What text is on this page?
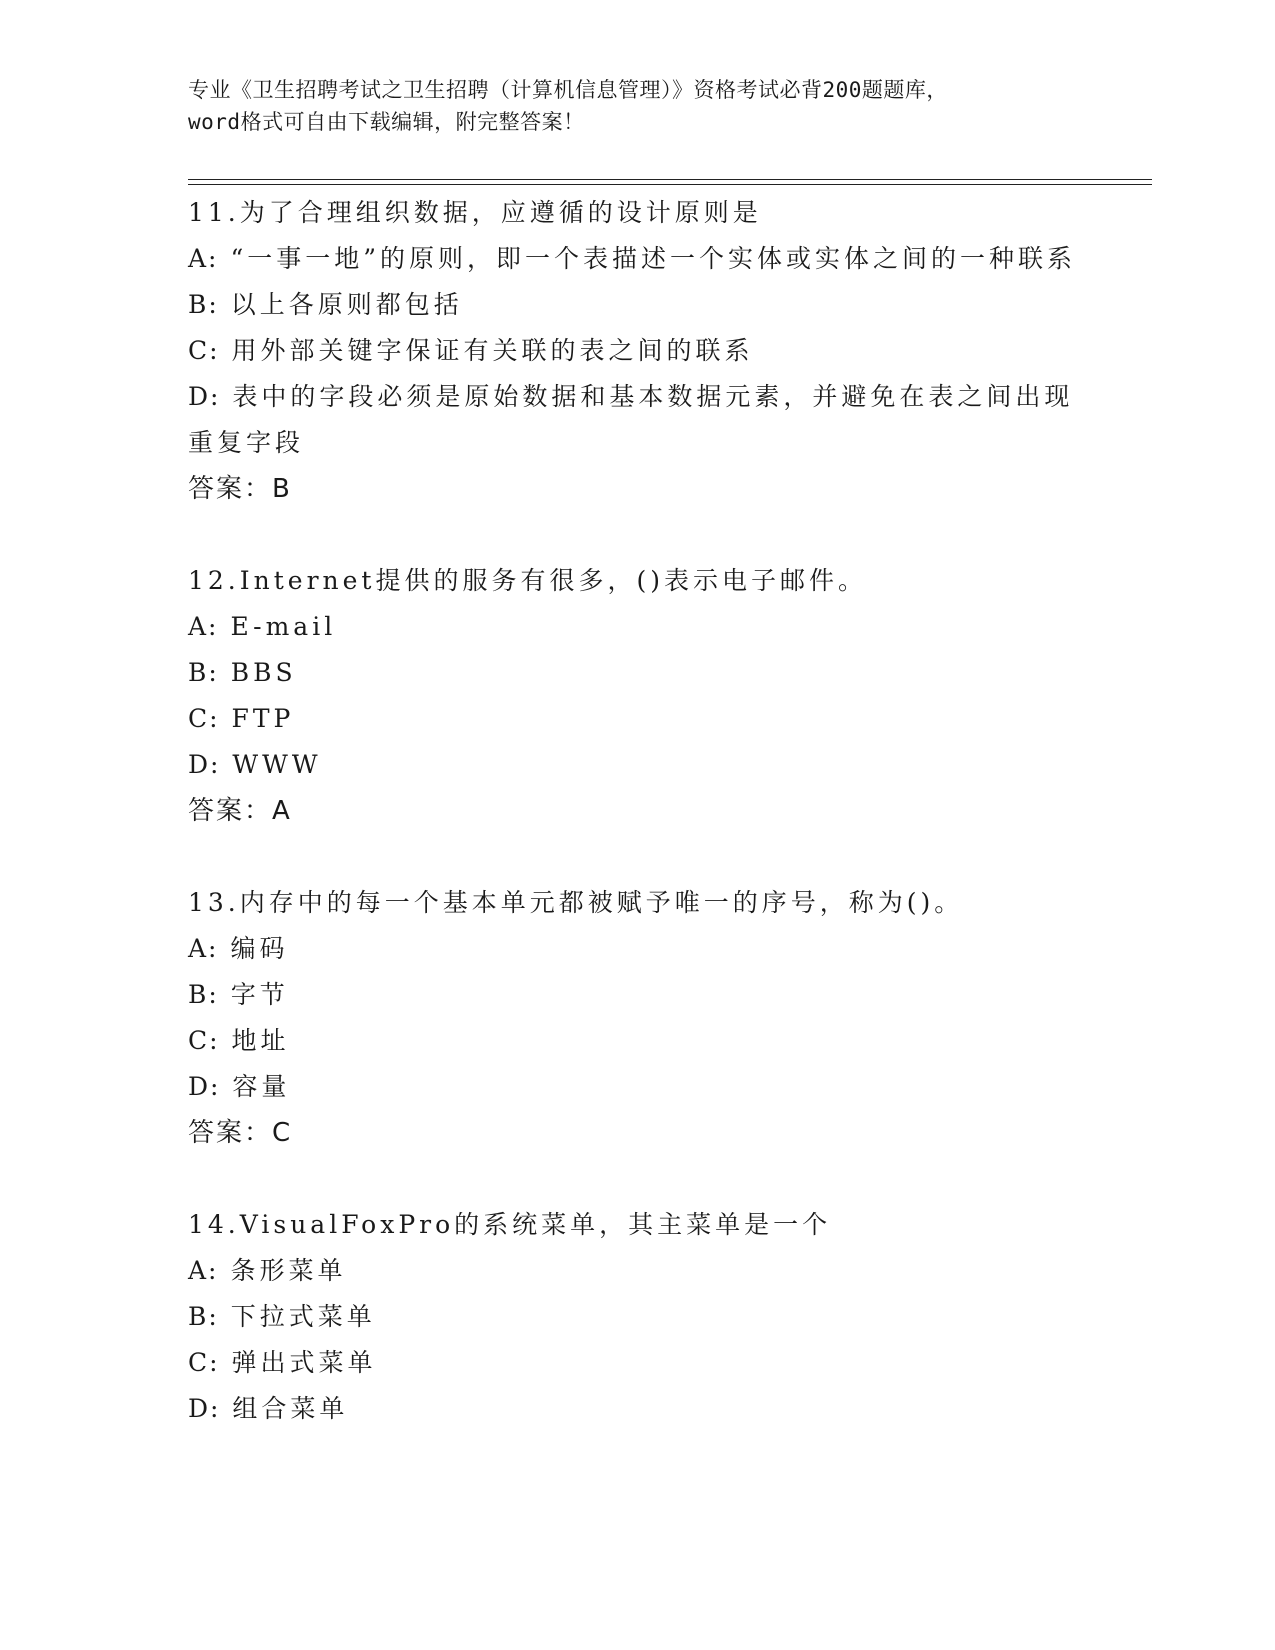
专业《卫生招聘考试之卫生招聘（计算机信息管理）》资格考试必背200题题库，
word格式可自由下载编辑，附完整答案！
11.为了合理组织数据，应遵循的设计原则是
A: “一事一地”的原则，即一个表描述一个实体或实体之间的一种联系
B: 以上各原则都包括
C: 用外部关键字保证有关联的表之间的联系
D: 表中的字段必须是原始数据和基本数据元素，并避免在表之间出现重复字段
答案：B
12.Internet提供的服务有很多，()表示电子邮件。
A: E-mail
B: BBS
C: FTP
D: WWW
答案：A
13.内存中的每一个基本单元都被赋予唯一的序号，称为()。
A: 编码
B: 字节
C: 地址
D: 容量
答案：C
14.VisualFoxPro的系统菜单，其主菜单是一个
A: 条形菜单
B: 下拉式菜单
C: 弹出式菜单
D: 组合菜单
